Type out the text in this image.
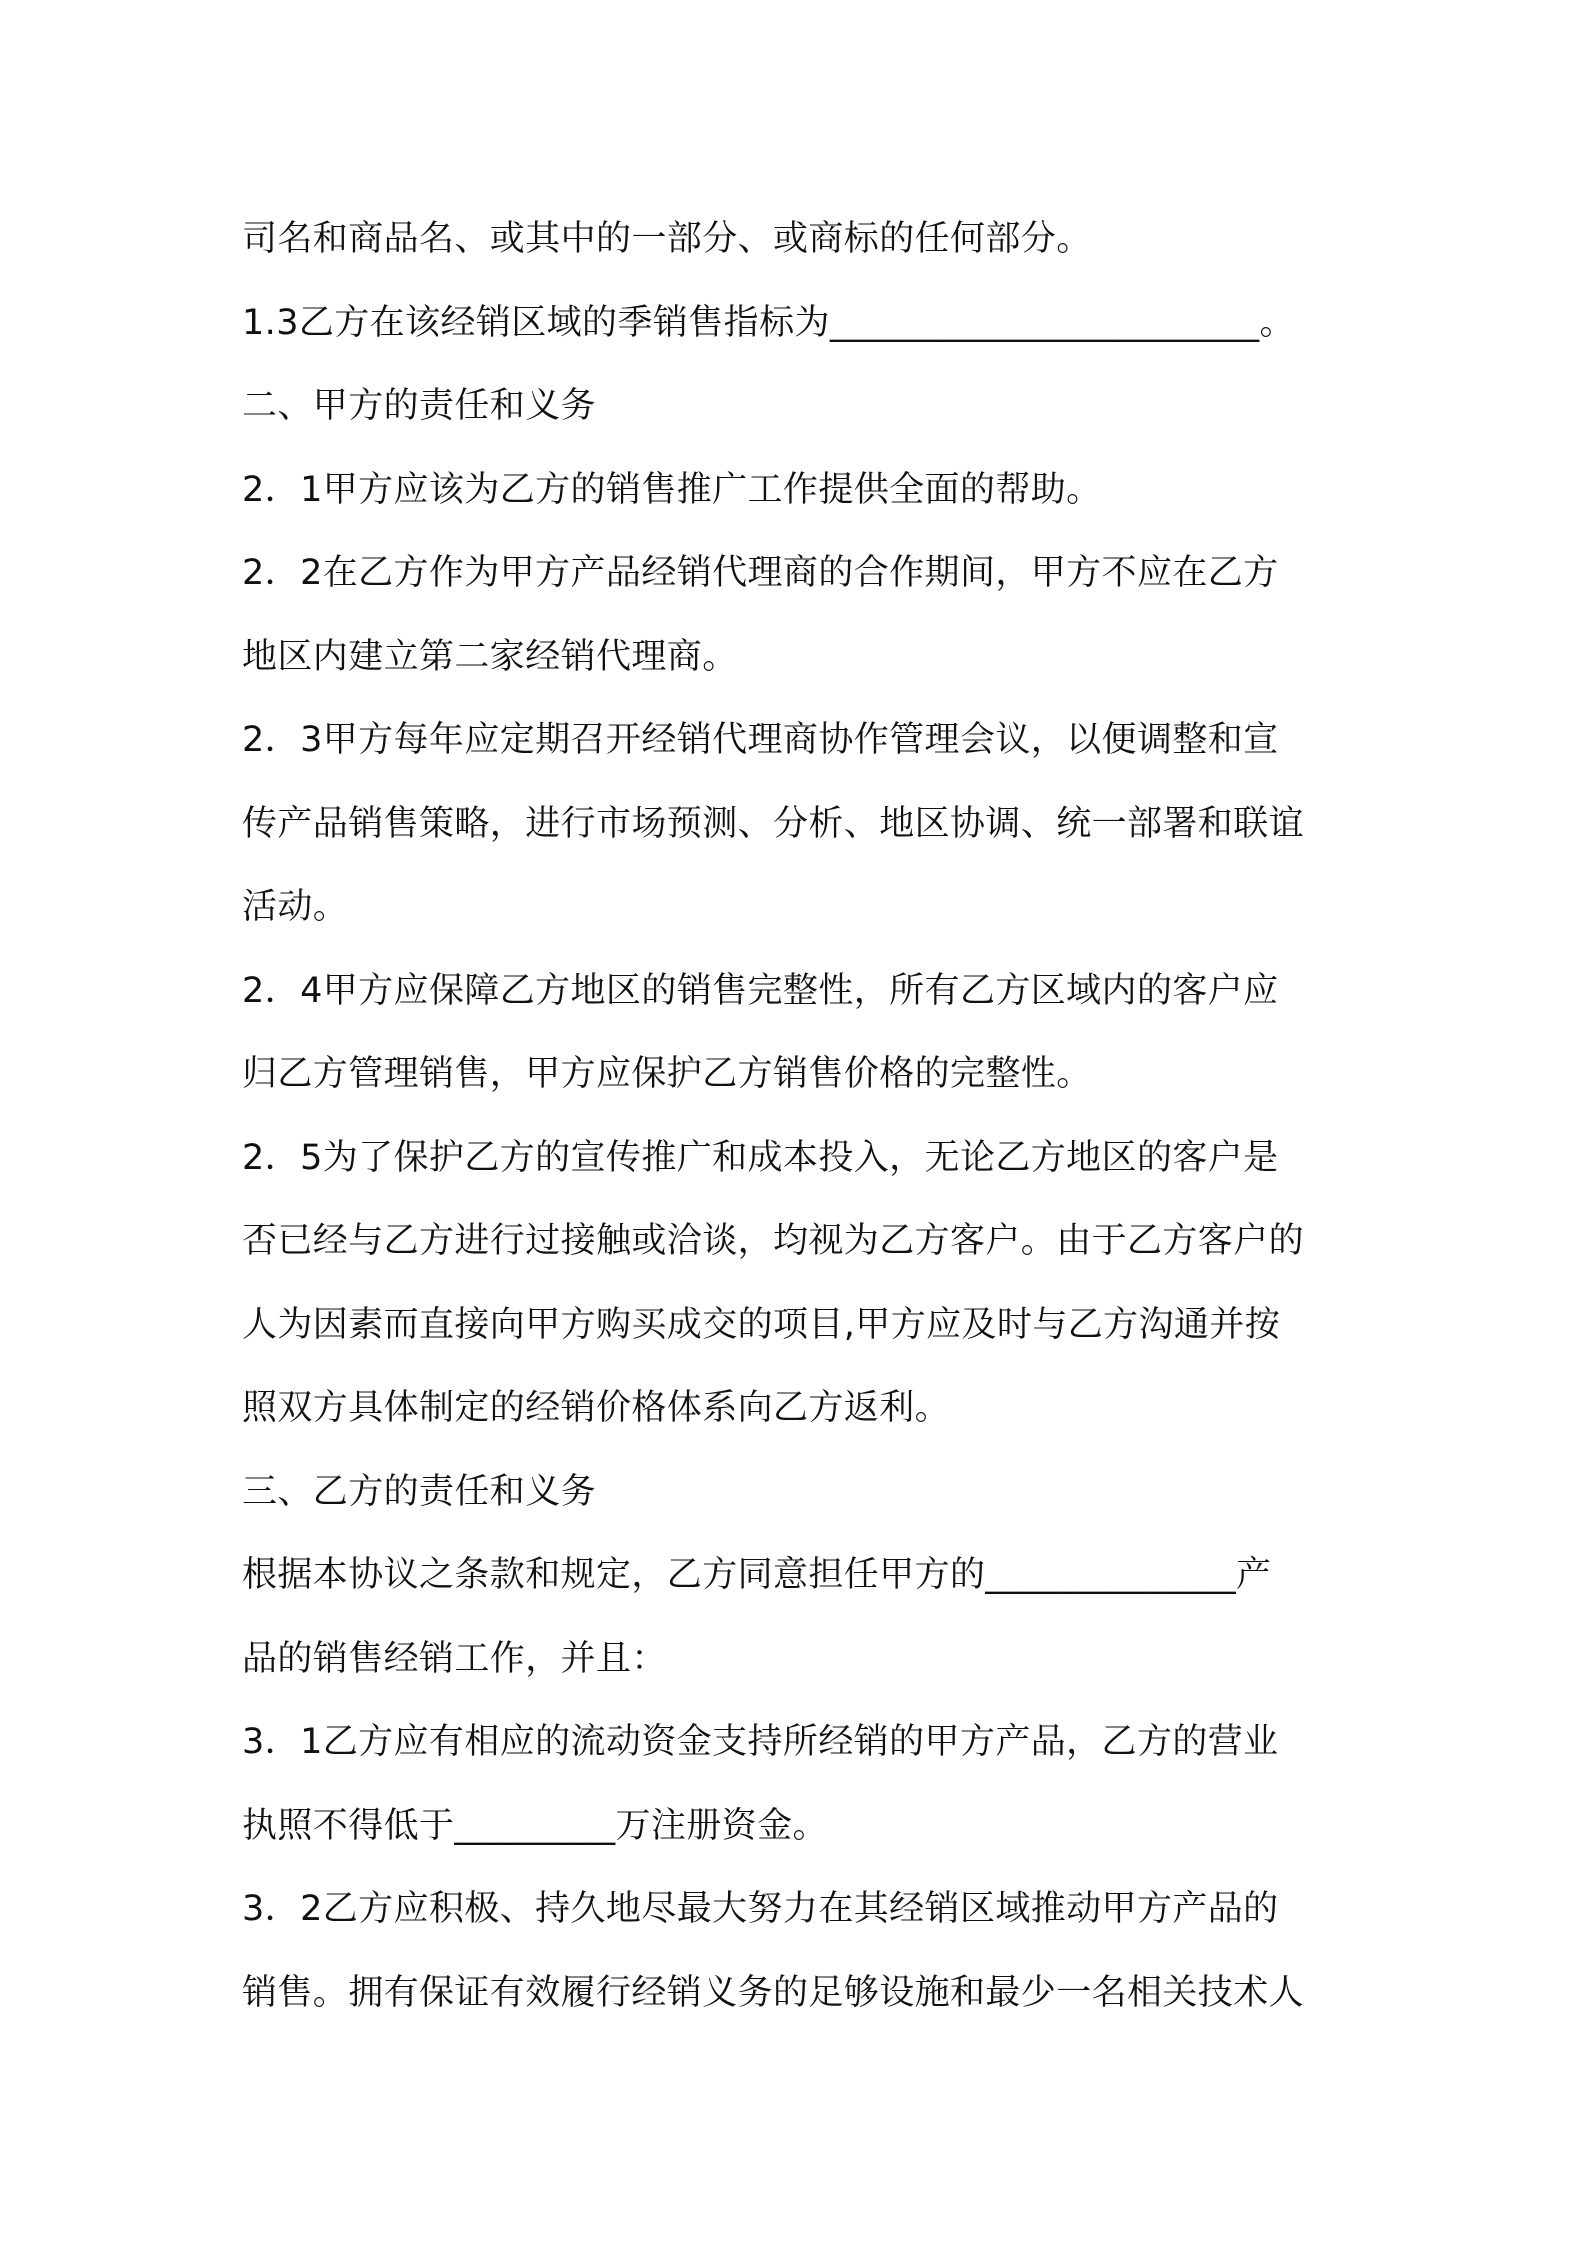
司名和商品名、或其中的一部分、或商标的任何部分。
1.3乙方在该经销区域的季销售指标为________________________。
二、甲方的责任和义务
2．1甲方应该为乙方的销售推广工作提供全面的帮助。
2．2在乙方作为甲方产品经销代理商的合作期间，甲方不应在乙方
地区内建立第二家经销代理商。
2．3甲方每年应定期召开经销代理商协作管理会议，以便调整和宣
传产品销售策略，进行市场预测、分析、地区协调、统一部署和联谊
活动。
2．4甲方应保障乙方地区的销售完整性，所有乙方区域内的客户应
归乙方管理销售，甲方应保护乙方销售价格的完整性。
2．5为了保护乙方的宣传推广和成本投入，无论乙方地区的客户是
否已经与乙方进行过接触或洽谈，均视为乙方客户。由于乙方客户的
人为因素而直接向甲方购买成交的项目,甲方应及时与乙方沟通并按
照双方具体制定的经销价格体系向乙方返利。
三、乙方的责任和义务
根据本协议之条款和规定，乙方同意担任甲方的______________产
品的销售经销工作，并且：
3．1乙方应有相应的流动资金支持所经销的甲方产品，乙方的营业
执照不得低于_________万注册资金。
3．2乙方应积极、持久地尽最大努力在其经销区域推动甲方产品的
销售。拥有保证有效履行经销义务的足够设施和最少一名相关技术人
